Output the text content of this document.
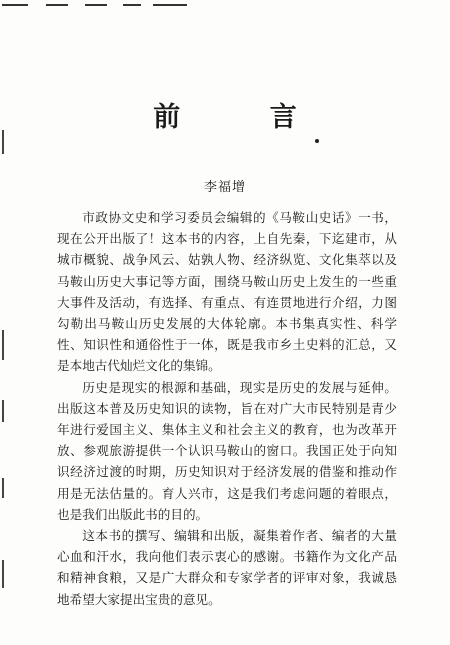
前 言
李福增

市政协文史和学习委员会编辑的《马鞍山史话》一书，现在公开出版了！这本书的内容，上自先秦，下迄建市，从城市概貌、战争风云、姑孰人物、经济纵览、文化集萃以及马鞍山历史大事记等方面，围绕马鞍山历史上发生的一些重大事件及活动，有选择、有重点、有连贯地进行介绍，力图勾勒出马鞍山历史发展的大体轮廓。本书集真实性、科学性、知识性和通俗性于一体，既是我市乡土史料的汇总，又是本地古代灿烂文化的集锦。

历史是现实的根源和基础，现实是历史的发展与延伸。出版这本普及历史知识的读物，旨在对广大市民特别是青少年进行爱国主义、集体主义和社会主义的教育，也为改革开放、参观旅游提供一个认识马鞍山的窗口。我国正处于向知识经济过渡的时期，历史知识对于经济发展的借鉴和推动作用是无法估量的。育人兴市，这是我们考虑问题的着眼点，也是我们出版此书的目的。

这本书的撰写、编辑和出版，凝集着作者、编者的大量心血和汗水，我向他们表示衷心的感谢。书籍作为文化产品和精神食粮，又是广大群众和专家学者的评审对象，我诚恳地希望大家提出宝贵的意见。
